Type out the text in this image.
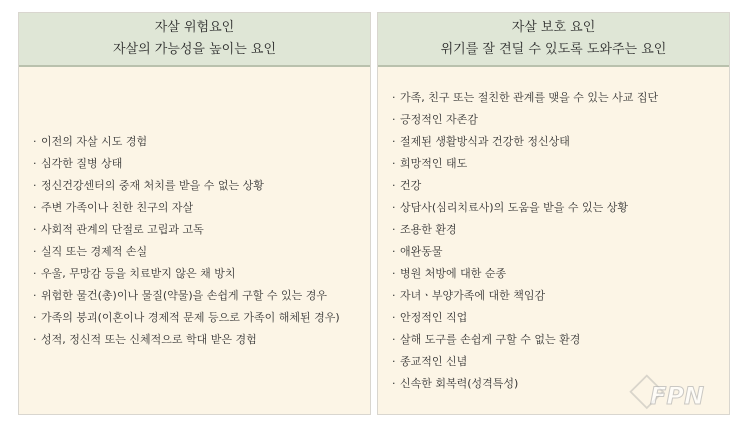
자살 위험요인
자살의 가능성을 높이는 요인
· 이전의 자살 시도 경험
· 심각한 질병 상태
· 정신건강센터의 중재 처치를 받을 수 없는 상황
· 주변 가족이나 친한 친구의 자살
· 사회적 관계의 단절로 고립과 고독
· 실직 또는 경제적 손실
· 우울, 무망감 등을 치료받지 않은 채 방치
· 위험한 물건(총)이나 물질(약물)을 손쉽게 구할 수 있는 경우
· 가족의 붕괴(이혼이나 경제적 문제 등으로 가족이 해체된 경우)
· 성적, 정신적 또는 신체적으로 학대 받은 경험
자살 보호 요인
위기를 잘 견딜 수 있도록 도와주는 요인
· 가족, 친구 또는 절친한 관계를 맺을 수 있는 사교 집단
· 긍정적인 자존감
· 절제된 생활방식과 건강한 정신상태
· 희망적인 태도
· 건강
· 상담사(심리치료사)의 도움을 받을 수 있는 상황
· 조용한 환경
· 애완동물
· 병원 처방에 대한 순종
· 자녀ㆍ부양가족에 대한 책임감
· 안정적인 직업
· 살해 도구를 손쉽게 구할 수 없는 환경
· 종교적인 신념
· 신속한 회복력(성격특성)	FPN
